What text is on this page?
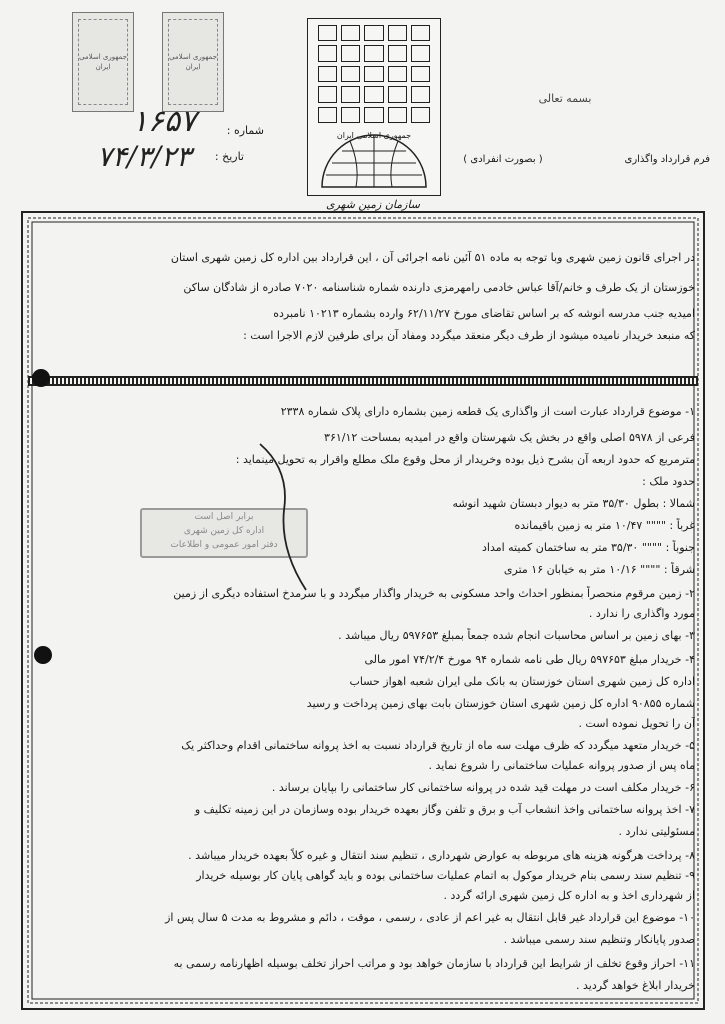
جمهوری اسلامی ایران
جمهوری اسلامی ایران
جمهوری اسلامی ایران
سازمان زمین شهری
بسمه تعالی
شماره :
۱۶۵۷
تاریخ :
۷۴/۳/۲۳	فرم قرارداد واگذاری
( بصورت انفرادی )
در اجرای قانون زمین شهری وبا توجه به ماده ۵۱ آئین نامه اجرائی آن ، این قرارداد بین اداره کل زمین شهری استان
خوزستان از یک طرف و خانم/آقا عباس خادمی رامهرمزی دارنده شماره شناسنامه ۷۰۲۰ صادره از شادگان ساکن
امیدیه جنب مدرسه انوشه که بر اساس تقاضای مورخ ۶۲/۱۱/۲۷ وارده بشماره ۱۰۲۱۳ نامبرده
که منبعد خریدار نامیده میشود از طرف دیگر منعقد میگردد ومفاد آن برای طرفین لازم الاجرا است :
۱- موضوع قرارداد عبارت است از واگذاری یک قطعه زمین بشماره دارای پلاک شماره ۲۳۳۸
فرعی از ۵۹۷۸ اصلی واقع در بخش یک شهرستان واقع در امیدیه بمساحت ۳۶۱/۱۲
مترمربع که حدود اربعه آن بشرح ذیل بوده وخریدار از محل وقوع ملک مطلع واقرار به تحویل مینماید :
حدود ملک :
شمالا : بطول ۳۵/۳۰ متر به دیوار دبستان شهید انوشه
غرباً : """" ۱۰/۴۷ متر به زمین باقیمانده
جنوباً : """" ۳۵/۳۰ متر به ساختمان کمیته امداد
شرقاً : """" ۱۰/۱۶ متر به خیابان ۱۶ متری
۲- زمین مرقوم منحصراً بمنظور احداث واحد مسکونی به خریدار واگذار میگردد و با سرمدخ استفاده دیگری از زمین
مورد واگذاری را ندارد .
۳- بهای زمین بر اساس محاسبات انجام شده جمعاً بمبلغ ۵۹۷۶۵۳ ریال میباشد .
۴- خریدار مبلغ ۵۹۷۶۵۳ ریال طی نامه شماره ۹۴ مورخ ۷۴/۲/۴ امور مالی
اداره کل زمین شهری استان خوزستان به بانک ملی ایران شعبه اهواز حساب
شماره ۹۰۸۵۵ اداره کل زمین شهری استان خوزستان بابت بهای زمین پرداخت و رسید
آن را تحویل نموده است .
۵- خریدار متعهد میگردد که ظرف مهلت سه ماه از تاریخ قرارداد نسبت به اخذ پروانه ساختمانی اقدام وحداکثر یک
ماه پس از صدور پروانه عملیات ساختمانی را شروع نماید .
۶- خریدار مکلف است در مهلت قید شده در پروانه ساختمانی کار ساختمانی را بپایان برساند .
۷- اخذ پروانه ساختمانی واخذ انشعاب آب و برق و تلفن وگاز بعهده خریدار بوده وسازمان در این زمینه تکلیف و
مسئولیتی ندارد .
۸- پرداخت هرگونه هزینه های مربوطه به عوارض شهرداری ، تنظیم سند انتقال و غیره کلاً بعهده خریدار میباشد .
۹- تنظیم سند رسمی بنام خریدار موکول به اتمام عملیات ساختمانی بوده و باید گواهی پایان کار بوسیله خریدار
از شهرداری اخذ و به اداره کل زمین شهری ارائه گردد .
۱۰- موضوع این قرارداد غیر قابل انتقال به غیر اعم از عادی ، رسمی ، موقت ، دائم و مشروط به مدت ۵ سال پس از
صدور پایانکار وتنظیم سند رسمی میباشد .
۱۱- احراز وقوع تخلف از شرایط این قرارداد با سازمان خواهد بود و مراتب احراز تخلف بوسیله اظهارنامه رسمی به
خریدار ابلاغ خواهد گردید .
برابر اصل است
اداره کل زمین شهری
دفتر امور عمومی و اطلاعات
